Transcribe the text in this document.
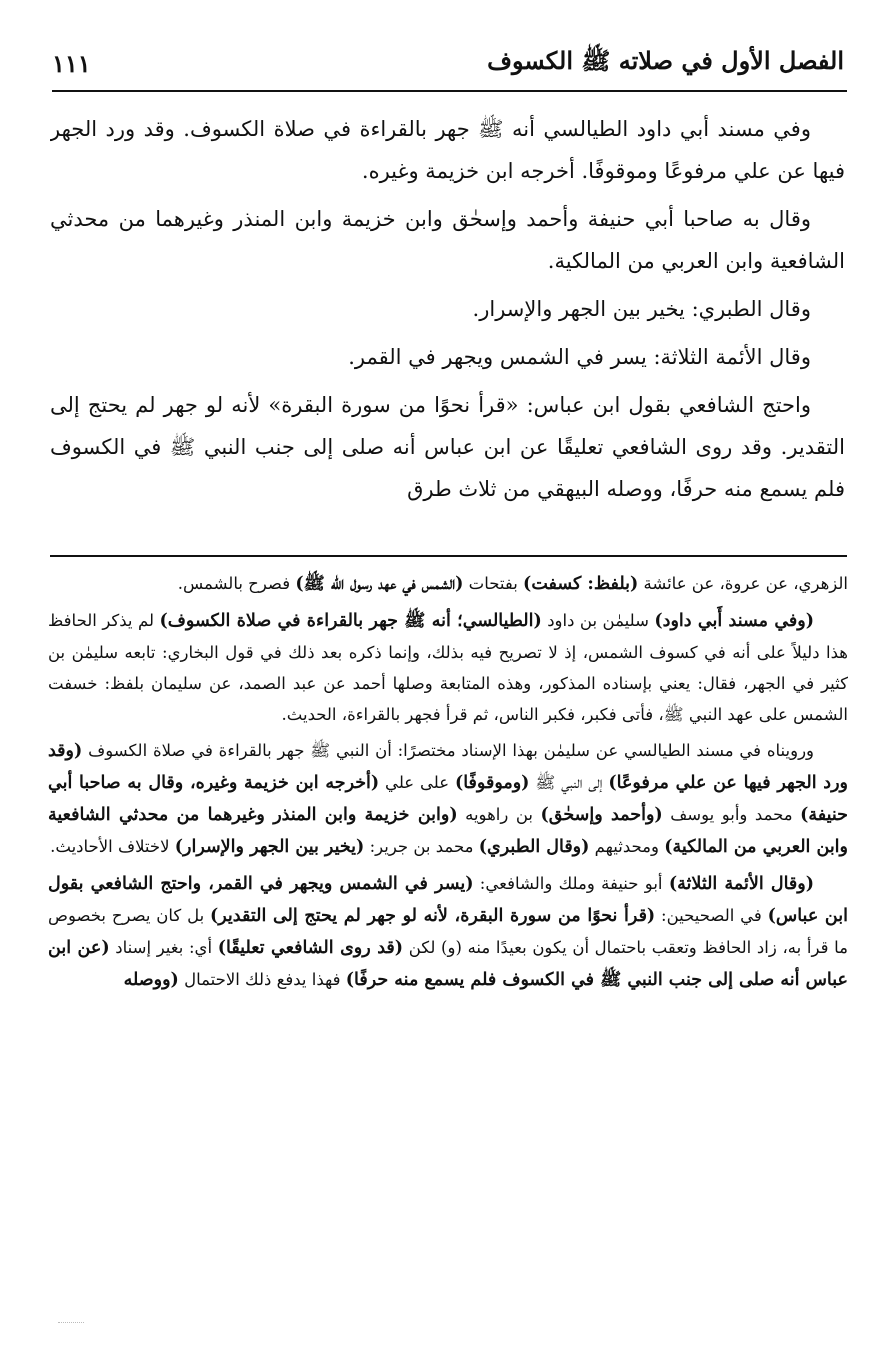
الفصل الأول في صلاته ﷺ الكسوف
١١١

وفي مسند أبي داود الطيالسي أنه ﷺ جهر بالقراءة في صلاة الكسوف. وقد ورد الجهر فيها عن علي مرفوعًا وموقوفًا. أخرجه ابن خزيمة وغيره.

وقال به صاحبا أبي حنيفة وأحمد وإسحٰق وابن خزيمة وابن المنذر وغيرهما من محدثي الشافعية وابن العربي من المالكية.

وقال الطبري: يخير بين الجهر والإسرار.

وقال الأئمة الثلاثة: يسر في الشمس ويجهر في القمر.

واحتج الشافعي بقول ابن عباس: «قرأ نحوًا من سورة البقرة» لأنه لو جهر لم يحتج إلى التقدير. وقد روى الشافعي تعليقًا عن ابن عباس أنه صلى إلى جنب النبي ﷺ في الكسوف فلم يسمع منه حرفًا، ووصله البيهقي من ثلاث طرق

الزهري، عن عروة، عن عائشة (بلفظ: كسفت) بفتحات (الشمس في عهد رسول الله ﷺ) فصرح بالشمس.

(وفي مسند أَبي داود) سليمٰن بن داود (الطيالسي؛ أنه ﷺ جهر بالقراءة في صلاة الكسوف) لم يذكر الحافظ هذا دليلاً على أنه في كسوف الشمس، إذ لا تصريح فيه بذلك، وإنما ذكره بعد ذلك في قول البخاري: تابعه سليمٰن بن كثير في الجهر، فقال: يعني بإسناده المذكور، وهذه المتابعة وصلها أحمد عن عبد الصمد، عن سليمان بلفظ: خسفت الشمس على عهد النبي ﷺ، فأتى فكبر، فكبر الناس، ثم قرأ فجهر بالقراءة، الحديث.

ورويناه في مسند الطيالسي عن سليمٰن بهذا الإسناد مختصرًا: أن النبي ﷺ جهر بالقراءة في صلاة الكسوف (وقد ورد الجهر فيها عن علي مرفوعًا) إلى النبي ﷺ (وموقوفًا) على علي (أخرجه ابن خزيمة وغيره، وقال به صاحبا أبي حنيفة) محمد وأبو يوسف (وأحمد وإسحٰق) بن راهويه (وابن خزيمة وابن المنذر وغيرهما من محدثي الشافعية وابن العربي من المالكية) ومحدثيهم (وقال الطبري) محمد بن جرير: (يخير بين الجهر والإسرار) لاختلاف الأحاديث.

(وقال الأئمة الثلاثة) أبو حنيفة وملك والشافعي: (يسر في الشمس ويجهر في القمر، واحتج الشافعي بقول ابن عباس) في الصحيحين: (قرأ نحوًا من سورة البقرة، لأنه لو جهر لم يحتج إلى التقدير) بل كان يصرح بخصوص ما قرأ به، زاد الحافظ وتعقب باحتمال أن يكون بعيدًا منه (و) لكن (قد روى الشافعي تعليقًا) أي: بغير إسناد (عن ابن عباس أنه صلى إلى جنب النبي ﷺ في الكسوف فلم يسمع منه حرفًا) فهذا يدفع ذلك الاحتمال (ووصله
